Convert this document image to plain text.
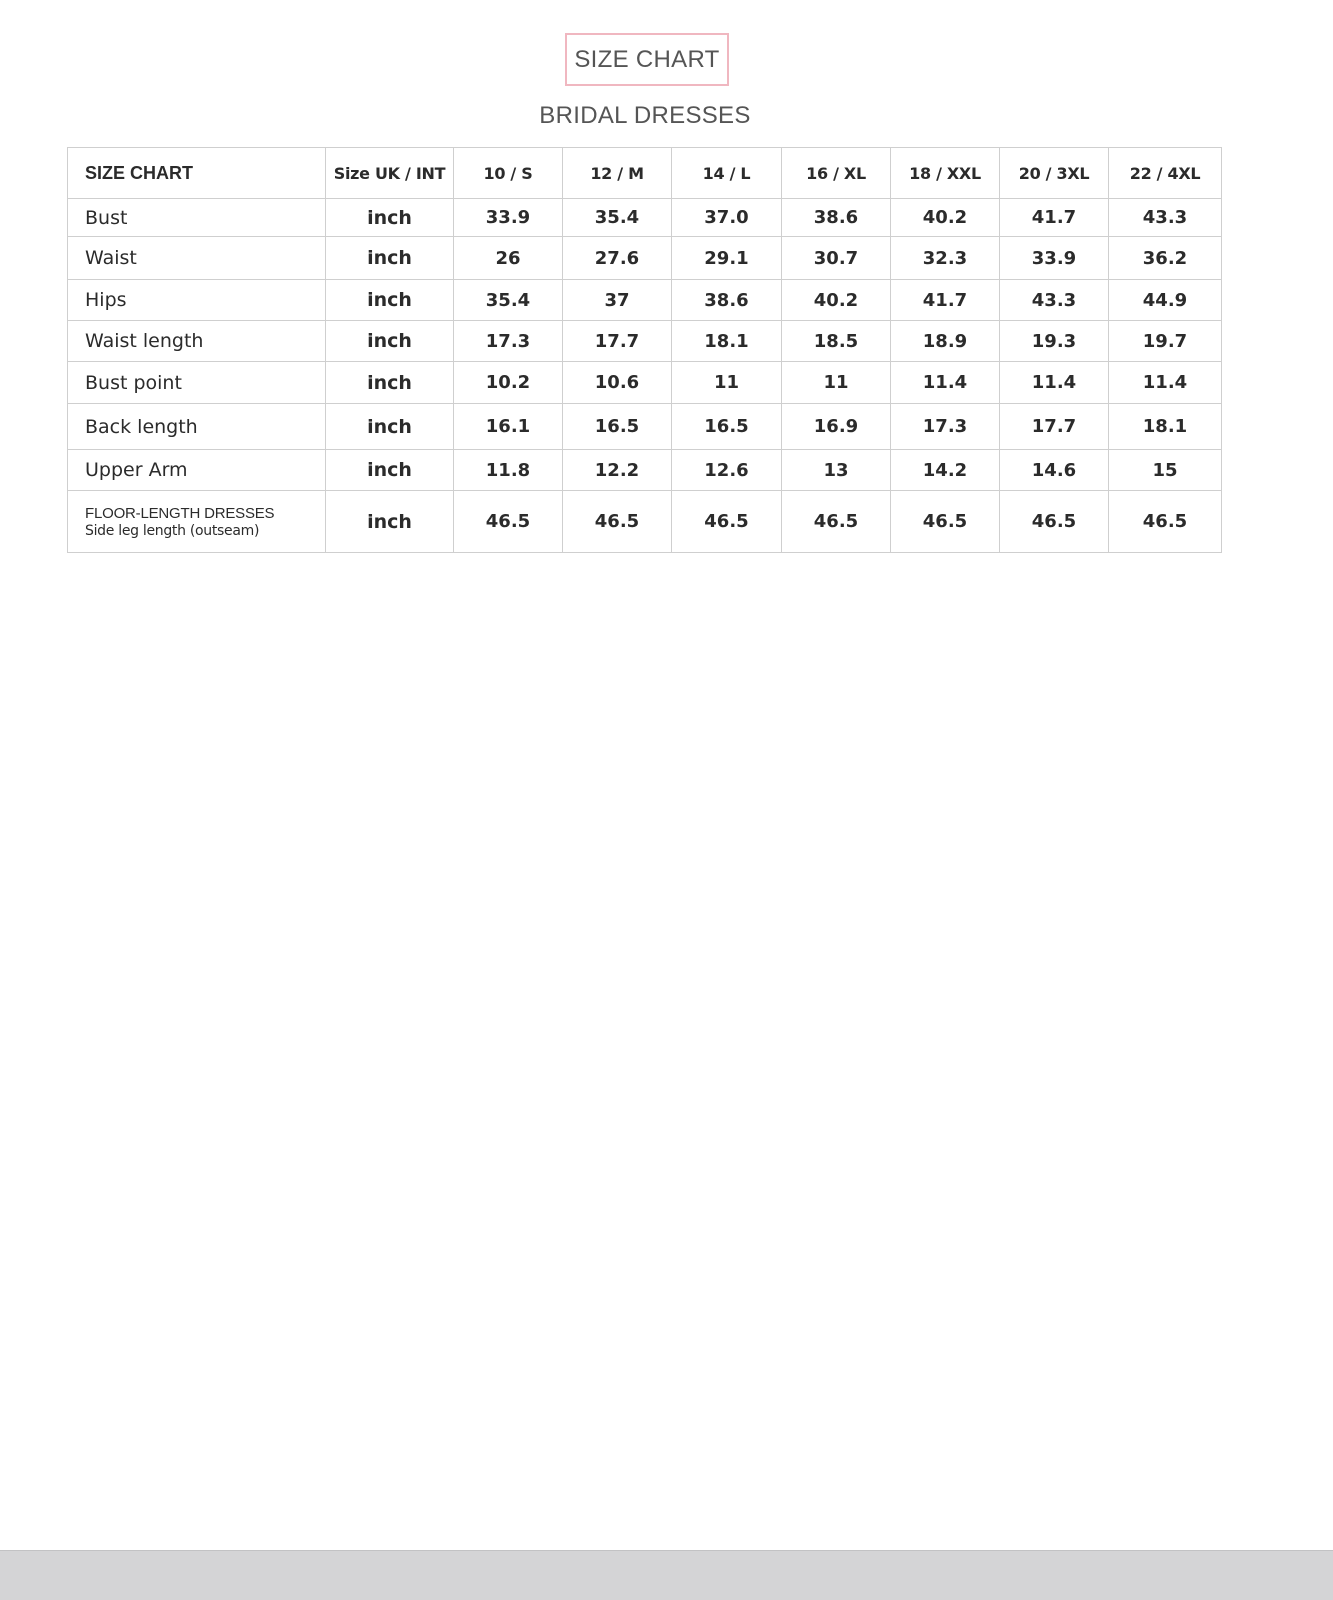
SIZE CHART
BRIDAL DRESSES
SIZE CHART	Size UK / INT	10 / S	12 / M	14 / L	16 / XL	18 / XXL	20 / 3XL	22 / 4XL
Bust	inch	33.9	35.4	37.0	38.6	40.2	41.7	43.3
Waist	inch	26	27.6	29.1	30.7	32.3	33.9	36.2
Hips	inch	35.4	37	38.6	40.2	41.7	43.3	44.9
Waist length	inch	17.3	17.7	18.1	18.5	18.9	19.3	19.7
Bust point	inch	10.2	10.6	11	11	11.4	11.4	11.4
Back length	inch	16.1	16.5	16.5	16.9	17.3	17.7	18.1
Upper Arm	inch	11.8	12.2	12.6	13	14.2	14.6	15

FLOOR-LENGTH DRESSES
Side leg length (outseam)	inch	46.5	46.5	46.5	46.5	46.5	46.5	46.5
